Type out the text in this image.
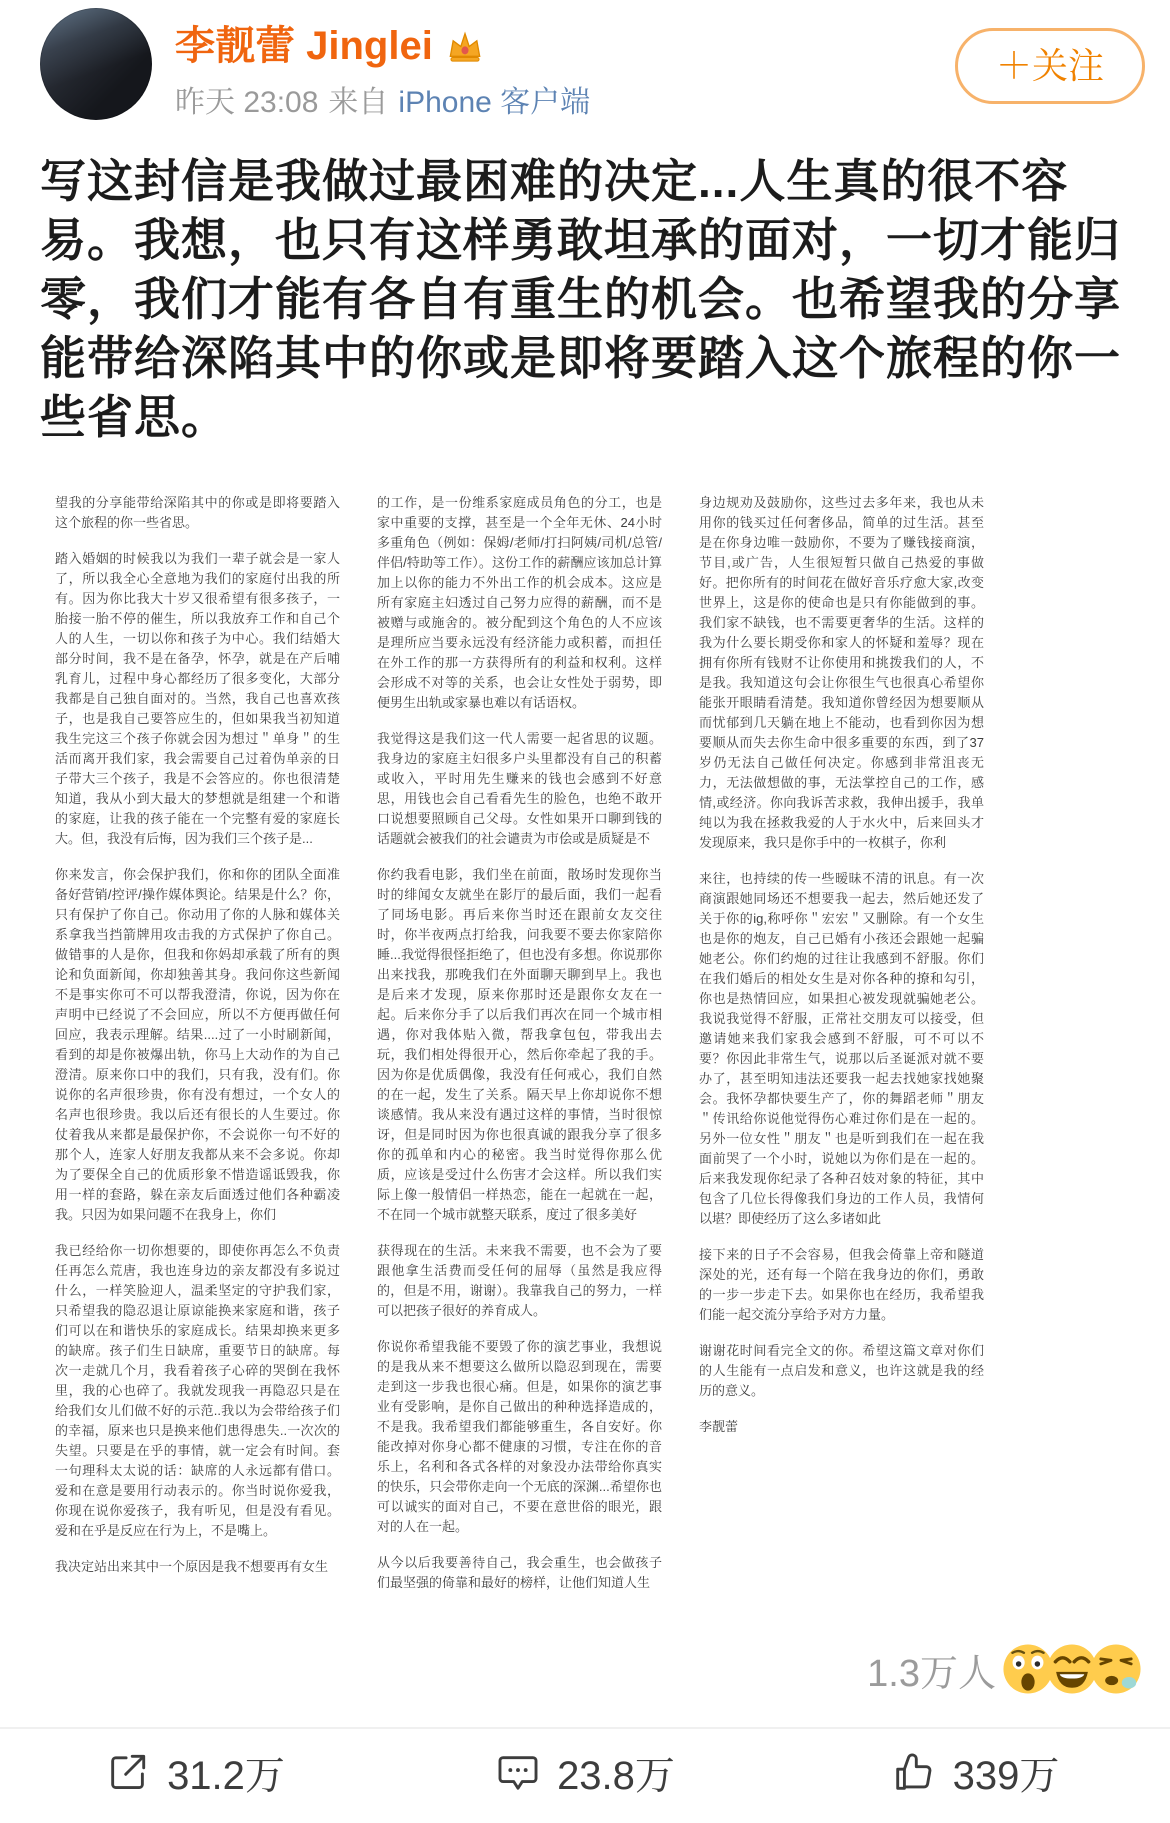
李靓蕾 Jinglei
昨天 23:08 来自 iPhone 客户端
＋关注
写这封信是我做过最困难的决定...人生真的很不容易。我想，也只有这样勇敢坦承的面对，一切才能归零，我们才能有各自有重生的机会。也希望我的分享能带给深陷其中的你或是即将要踏入这个旅程的你一些省思。

望我的分享能带给深陷其中的你或是即将要踏入这个旅程的你一些省思。

踏入婚姻的时候我以为我们一辈子就会是一家人了，所以我全心全意地为我们的家庭付出我的所有。因为你比我大十岁又很希望有很多孩子，一胎接一胎不停的催生，所以我放弃工作和自己个人的人生，一切以你和孩子为中心。我们结婚大部分时间，我不是在备孕，怀孕，就是在产后哺乳育儿，过程中身心都经历了很多变化，大部分我都是自己独自面对的。当然，我自己也喜欢孩子，也是我自己要答应生的，但如果我当初知道我生完这三个孩子你就会因为想过＂单身＂的生活而离开我们家，我会需要自己过着伪单亲的日子带大三个孩子，我是不会答应的。你也很清楚知道，我从小到大最大的梦想就是组建一个和谐的家庭，让我的孩子能在一个完整有爱的家庭长大。但，我没有后悔，因为我们三个孩子是...

你来发言，你会保护我们，你和你的团队全面准备好营销/控评/操作媒体舆论。结果是什么？你，只有保护了你自己。你动用了你的人脉和媒体关系拿我当挡箭牌用攻击我的方式保护了你自己。做错事的人是你，但我和你妈却承载了所有的舆论和负面新闻，你却独善其身。我问你这些新闻不是事实你可不可以帮我澄清，你说，因为你在声明中已经说了不会回应，所以不方便再做任何回应，我表示理解。结果....过了一小时刷新闻，看到的却是你被爆出轨，你马上大动作的为自己澄清。原来你口中的我们，只有我，没有们。你说你的名声很珍贵，你有没有想过，一个女人的名声也很珍贵。我以后还有很长的人生要过。你仗着我从来都是最保护你，不会说你一句不好的那个人，连家人好朋友我都从来不会多说。你却为了要保全自己的优质形象不惜造谣诋毁我，你用一样的套路，躲在亲友后面透过他们各种霸凌我。只因为如果问题不在我身上，你们

我已经给你一切你想要的，即使你再怎么不负责任再怎么荒唐，我也连身边的亲友都没有多说过什么，一样笑脸迎人，温柔坚定的守护我们家，只希望我的隐忍退让原谅能换来家庭和谐，孩子们可以在和谐快乐的家庭成长。结果却换来更多的缺席。孩子们生日缺席，重要节日的缺席。每次一走就几个月，我看着孩子心碎的哭倒在我怀里，我的心也碎了。我就发现我一再隐忍只是在给我们女儿们做不好的示范..我以为会带给孩子们的幸福，原来也只是换来他们患得患失..一次次的失望。只要是在乎的事情，就一定会有时间。套一句理科太太说的话：缺席的人永远都有借口。爱和在意是要用行动表示的。你当时说你爱我，你现在说你爱孩子，我有听见，但是没有看见。爱和在乎是反应在行为上，不是嘴上。

我决定站出来其中一个原因是我不想要再有女生

的工作，是一份维系家庭成员角色的分工，也是家中重要的支撑，甚至是一个全年无休、24小时多重角色（例如：保姆/老师/打扫阿姨/司机/总管/伴侣/特助等工作）。这份工作的薪酬应该加总计算加上以你的能力不外出工作的机会成本。这应是所有家庭主妇透过自己努力应得的薪酬，而不是被赠与或施舍的。被分配到这个角色的人不应该是理所应当要永远没有经济能力或积蓄，而担任在外工作的那一方获得所有的利益和权利。这样会形成不对等的关系，也会让女性处于弱势，即便男生出轨或家暴也难以有话语权。

我觉得这是我们这一代人需要一起省思的议题。我身边的家庭主妇很多户头里都没有自己的积蓄或收入，平时用先生赚来的钱也会感到不好意思，用钱也会自己看看先生的脸色，也绝不敢开口说想要照顾自己父母。女性如果开口聊到钱的话题就会被我们的社会谴责为市侩或是质疑是不

你约我看电影，我们坐在前面，散场时发现你当时的绯闻女友就坐在影厅的最后面，我们一起看了同场电影。再后来你当时还在跟前女友交往时，你半夜两点打给我，问我要不要去你家陪你睡...我觉得很怪拒绝了，但也没有多想。你说那你出来找我，那晚我们在外面聊天聊到早上。我也是后来才发现，原来你那时还是跟你女友在一起。后来你分手了以后我们再次在同一个城市相遇，你对我体贴入微，帮我拿包包，带我出去玩，我们相处得很开心，然后你牵起了我的手。因为你是优质偶像，我没有任何戒心，我们自然的在一起，发生了关系。隔天早上你却说你不想谈感情。我从来没有遇过这样的事情，当时很惊讶，但是同时因为你也很真诚的跟我分享了很多你的孤单和内心的秘密。我当时觉得你那么优质，应该是受过什么伤害才会这样。所以我们实际上像一般情侣一样热恋，能在一起就在一起，不在同一个城市就整天联系，度过了很多美好

获得现在的生活。未来我不需要，也不会为了要跟他拿生活费而受任何的屈辱（虽然是我应得的，但是不用，谢谢）。我靠我自己的努力，一样可以把孩子很好的养育成人。

你说你希望我能不要毁了你的演艺事业，我想说的是我从来不想要这么做所以隐忍到现在，需要走到这一步我也很心痛。但是，如果你的演艺事业有受影响，是你自己做出的种种选择造成的，不是我。我希望我们都能够重生，各自安好。你能改掉对你身心都不健康的习惯，专注在你的音乐上，名利和各式各样的对象没办法带给你真实的快乐，只会带你走向一个无底的深渊...希望你也可以诚实的面对自己，不要在意世俗的眼光，跟对的人在一起。

从今以后我要善待自己，我会重生，也会做孩子们最坚强的倚靠和最好的榜样，让他们知道人生

身边规劝及鼓励你，这些过去多年来，我也从未用你的钱买过任何奢侈品，简单的过生活。甚至是在你身边唯一鼓励你，不要为了赚钱接商演，节目,或广告，人生很短暂只做自己热爱的事做好。把你所有的时间花在做好音乐疗愈大家,改变世界上，这是你的使命也是只有你能做到的事。我们家不缺钱，也不需要更奢华的生活。这样的我为什么要长期受你和家人的怀疑和羞辱？现在拥有你所有钱财不让你使用和挑拨我们的人，不是我。我知道这句会让你很生气也很真心希望你能张开眼睛看清楚。我知道你曾经因为想要顺从而忧郁到几天躺在地上不能动，也看到你因为想要顺从而失去你生命中很多重要的东西，到了37岁仍无法自己做任何决定。你感到非常沮丧无力，无法做想做的事，无法掌控自己的工作，感情,或经济。你向我诉苦求救，我伸出援手，我单纯以为我在拯救我爱的人于水火中，后来回头才发现原来，我只是你手中的一枚棋子，你利

来往，也持续的传一些暧昧不清的讯息。有一次商演跟她同场还不想要我一起去，然后她还发了关于你的ig,称呼你＂宏宏＂又删除。有一个女生也是你的炮友，自己已婚有小孩还会跟她一起骗她老公。你们约炮的过往让我感到不舒服。你们在我们婚后的相处女生是对你各种的撩和勾引，你也是热情回应，如果担心被发现就骗她老公。我说我觉得不舒服，正常社交朋友可以接受，但邀请她来我们家我会感到不舒服，可不可以不要？你因此非常生气，说那以后圣诞派对就不要办了，甚至明知违法还要我一起去找她家找她聚会。我怀孕都快要生产了，你的舞蹈老师＂朋友＂传讯给你说他觉得伤心难过你们是在一起的。另外一位女性＂朋友＂也是听到我们在一起在我面前哭了一个小时，说她以为你们是在一起的。后来我发现你纪录了各种召妓对象的特征，其中包含了几位长得像我们身边的工作人员，我情何以堪？即使经历了这么多诸如此

接下来的日子不会容易，但我会倚靠上帝和隧道深处的光，还有每一个陪在我身边的你们，勇敢的一步一步走下去。如果你也在经历，我希望我们能一起交流分享给予对方力量。

谢谢花时间看完全文的你。希望这篇文章对你们的人生能有一点启发和意义，也许这就是我的经历的意义。

李靓蕾

1.3万人
31.2万	23.8万	339万
